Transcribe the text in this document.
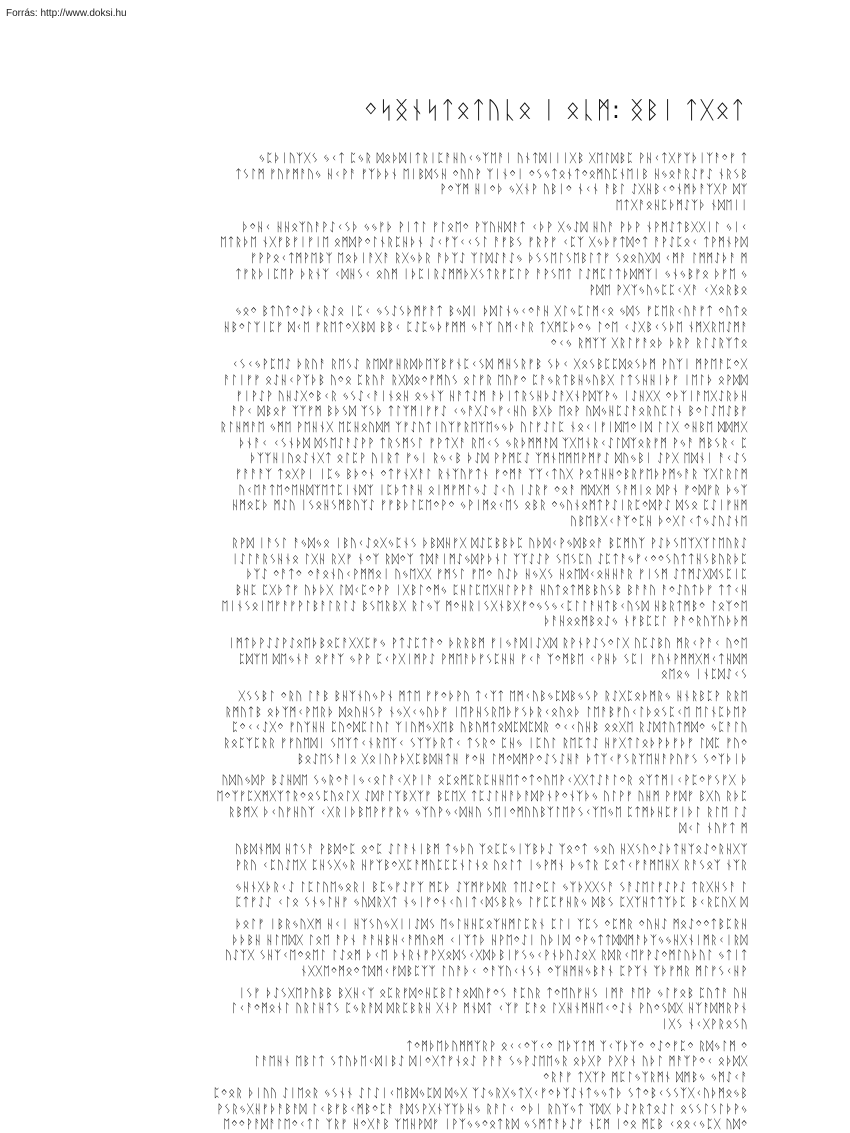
Forrás: http://www.doksi.hu
ᛜᛋᛝᚾᛋᛏᛟᛏᚢᚳᛟ ᛁ ᛟᚳᛗ: ᛝᛒᛁ ᛏᚷᛟᛏ
ᛃᛈᚦᛁᚢᛉᚷᛊ ᛃᚲᛏ ᛈᛃᚱ ᛞᛟᚦᛞᛁᛏᚱᛁᛈᚨᚺᚢᚲᛃᛉᛖᚨᛁ ᚢᚾᛏᛞᛁᛁᛁᚷᛒ ᚷᛖᛚᛞᛒᛈ ᚹᚺᚲᛏᚷᚠᛉᚦᛁᛉᚨᛜᚠ ᛏ
ᛏᛊᛚᛗ ᚠᚢᚠᛗᚨᚢᛃ ᚺᚲᚹᚨ ᚠᛉᚦᚦᚾ ᛖᛁᛒᛞᛊᚺ ᛜᚢᚢᚹ ᛉᛁᚾᛜᛁ ᛜᛊᛃᛏᛟᚾᛏᛜᛟᛗᚢᛈᚾᛖᛁᛒ ᚺᛃᛟᚨᚱᛇᚠᛇ ᚾᚱᛊᛒ
ᚹᛜᛉᛗ ᚺᛁᛜᚦ ᛃᚷᚾᚹ ᚢᛒᛁᛜ ᚾᚲᚾ ᚨᛒᛚ ᛇᚷᚺᛒᚲᛜᚾᛗᚦᚨᛉᚷᚹ ᛞᛉ
ᛖᛏᚷᚨᛟᚺᛈᚦᛗᛇᛉᚦ ᚾᛞᛖᛁᛁ
ᚦᛜᚺᚲ ᚺᚺᛟᛉᚢᚨᚹᛇᚲᛊᚦ ᛃᛃᚠᚦ ᚹᛁᛏᛚ ᚠᛚᛟᛖᛜ ᚹᛉᚢᚺᛞᚨᛏ ᚲᚦᚹ ᚷᛃᛇᛞ ᚺᚢᚨ ᚹᚦᚹ ᚾᚹᛗᛇᛏᛒᚷᚷᛁᛚ ᛃᛁᚲ
ᛖᛏᚱᚦᛖ ᚾᚷᚠᛒᚠᛁᚠᛁᛖ ᛟᛗᛞᚹᛜᛚᚾᚱᛈᚺᚦᚾ ᛇᚲᚠᛉᚲᚲᛊᛚ ᚨᚠᛒᛊ ᚠᚱᚹᚠ ᚲᛈᛉ ᚷᛃᚦᚠᛏᛞᛜᛏ ᚨᚹᛇᛈᛟᚲ ᛏᚹᛗᚾᚹᛞ
ᚠᚹᚹᛟᚲᛏᛗᚹᛖᛒᛉ ᛖᛟᚦᛁᚨᚷᚨ ᚱᚷᛃᚦᚱ ᚨᚦᛉᛇ ᛉᛚᛞᛇᚨᛇᛃ ᚦᛊᛊᛖᛚᛊᛖᛒᛚᛏᚠ ᛊᛟᛟᚢᚷᛞ ᚲᛗᚨ ᛚᛗᛗᛇᚦᚨ ᛗ
ᛏᚠᚱᚦᛁᛈᛖᚹ ᚦᚱᚾᛉ ᚲᛞᚺᛊᚲ ᛟᚢᛗ ᛁᚦᛈᛁᚱᛇᛗᛗᚦᚷᛊᛏᚱᚠᛈᛚᚹ ᚨᚹᛊᛖᛏ ᛚᛇᛗᛈᛚᛏᚦᛞᛗᛉᛁ ᛃᚾᛃᛒᚠᛟ ᚦᚠᛖ ᛃ
ᚹᛞᛖ ᚹᚷᛉᛃᚢᛃᛈᛈᚲᚷᚨ ᚲᚷᛟᚱᛒᛟ
ᛃᛟᛜ ᛒᛏᚢᛏᛜᛇᚦᚲᚱᛇᛟ ᛁᛈᚲ ᛃᛊᛇᛊᚦᛗᚠᚨᛏ ᛒᛃᛞᛁ ᚦᛞᛚᚾᛃᚲᛜᚨᚺ ᚷᛚᛃᛈᛚᛗᚲᛟ ᛃᛞᛊ ᚠᛈᛖᚱᚲᚢᚨᚠᛏ ᛜᚢᛏᛟ
ᚺᛒᛜᛚᛉᛁᛈᚠ ᛞᚲᛖ ᚠᚱᛖᛏᛜᚷᛒᛞ ᛒᛒᚲ ᛈᛇᛈᛃᚦᚠᛗᛗ ᛃᚨᛉ ᚢᛗᚲᚨᚱ ᛏᚷᛗᛈᚦᛜᛃ ᛚᛜᛖ ᚲᛇᚷᛒᚲᛊᚦᛖ ᚾᛗᚷᚱᛖᛇᛗᚨ
ᛜᚲᛃ ᚱᛗᛉᛉ ᚷᚱᛚᚠᚨᛟᚦ ᚦᚱᚹ ᚱᛚᛇᚱᛉᛏᛟ
ᚲᛊᚲᛃᚹᛈᛖᛇ ᚦᚱᚢᚨ ᚱᛖᛊᛇ ᚱᛖᛞᚠᚺᚱᛞᚦᛖᛉᛒᚠᚾᛈᚲᛊᛞ ᛗᚺᛊᚱᚠᛒ ᛊᚦᚲ ᚷᛟᛊᛒᛈᛈᛞᛟᛊᚦᛗ ᚹᚢᛉᛁ ᛗᚹᛖᚨᛈᛜᚷ
ᚨᛚᛁᚠᚠ ᛟᛇᚺᚲᚹᛉᚦᛒ ᚢᛜᛟ ᛈᚱᚢᚨ ᚱᚷᛞᛟᛜᚠᛗᚢᛊ ᛟᛚᚠᚱ ᛖᚢᚠᛜ ᛈᚨᛃᚱᛏᛒᚺᛃᚢᛒᚷ ᛚᛏᛊᚺᚺᛁᚦᚠ ᛁᛖᛚᚦ ᛟᚹᛞᛞ
ᚠᛁᚹᛇᚹ ᚢᚺᛇᚷᛜᛒᚲᚱ ᛃᛊᛇᚲᚨᛁᚾᛟᚺ ᛟᛃᚾᛉ ᚺᚨᛏᛇᛗ ᚨᚦᛁᛏᚱᛊᚺᚦᛇᚨᚷᚾᚹᛞᛉᚹᛃ ᛁᛇᚺᚷᚷ ᛜᚦᛉᛁᚨᛖᚷᛇᚱᚦᚺ
ᚨᚹᚲ ᛞᛒᛟᚠ ᛉᛉᚠᛗ ᛒᚦᛊᛞ ᛉᛊᚦ ᛏᛚᛉᛗᛁᚠᚠᛇ ᚲᛃᚨᚷᛇᛃᚠᚲᚺᚢ ᛒᚷᚦ ᛖᛟᚹ ᚢᛞᛃᚺᛈᛇᚨᛟᚱᚢᛈᛚᚾ ᛒᛜᛚᛇᛖᛇᛒᚠ
ᚱᛚᚺᛗᚨᛖ ᛃᛗᛖ ᚹᛖᚺᚾᚷ ᛖᛈᚺᛟᚢᛞᛗ ᛉᚠᛇᚢᛏᛁᚢᛉᚠᚱᛖᛉᛖᛃᛃᚦ ᚢᛚᚠᛇᛚᛈ ᚾᛟᚲᛁᚠᛁᛞᛖᛜᛁᛞ ᛚᛚᚷ ᛜᚺᛒᛖ ᛞᛞᛗᚷ
ᚦᚾᚨᚲ ᚲᛊᚾᚦᛞ ᛞᛊᛖᛇᚨᛇᚹᚹ ᛏᚱᛊᛗᛊᛚ ᚠᚹᛏᚷᚨ ᚱᛖᚲᛊ ᛃᚱᚦᛗᛗᚨᛞ ᛉᚷᛖᚾᚱᚲᛇᛚᛞᛉᛟᚱᚠᛗ ᚹᛃᚨ ᛗᛒᛊᚱᚲ ᛈ
ᚦᛉᛉᚺᛁᚢᛟᛇᚾᚷᛏ ᛟᛚᛈᚹ ᚢᛁᚱᛏ ᚠᛃᛁ ᚱᛃᚲᛒ ᚦᛇᛞ ᚹᚹᛗᛈᛇ ᛉᛗᚾᛖᛗᛖᚹᛗᚠᛇ ᛞᚢᛃᛒᛁ ᛇᚹᚷ ᛖᛞᚾᛁ ᚨᚲᛇᛊ
ᚠᚨᚨᚨᛉ ᛏᛟᚷᚹᛁ ᛁᛈᛃ ᛒᚦᛜᚾ ᛜᛏᚠᚾᚷᚨᛚ ᚱᚾᛉᚢᚠᛏᚾ ᚠᛜᛗᚨ ᛉᛉᚲᛏᚢᚷ ᚹᛟᛏᚺᚺᛜᛒᚱᚠᛖᚦᚹᛗᛃᚨᚱ ᛉᚷᛚᚱᛚᛗ
ᚢᚲᛖᚨᛏᛖᛜᛖᚺᛞᛉᛖᛏᛈᛁᚾᛞᛉ ᛁᛈᚦᛏᚨᚺ ᛟᛁᛗᚠᛗᛚᛃᛇ ᛇᚲᚢ ᛁᛇᚱᚠ ᛜᛟᚨ ᛗᛞᚷᛗ ᛊᚨᛗᛁᛟ ᛞᚹᚾ ᚠᛜᛞᚠᚱ ᚦᛃᛉ
ᚺᛗᛟᛈᚦ ᛗᛇᚢ ᛁᛊᛟᚺᛊᛗᛒᚢᛉᛇ ᚠᚠᛒᚦᛚᛈᛖᛜᚹᛜ ᛃᚹᛁᛗᛟᚲᛖᛊ ᛟᛒᚱ ᛜᛃᚢᚾᛟᛗᛏᚹᛇᛁᚱᛈᛜᛞᚹᛇ ᛞᛊᛟ ᛈᛇᛁᚠᚺᛗ
ᚢᛒᛖᛒᚷᚲᚨᛉᛜᛈᚺ ᚦᛜᚷᛚᚲᛏᛃᛇᚢᛇᚾᛖ
ᚱᚹᛞ ᛁᚨᛊᛚ ᚨᛃᛞᛃᛟ ᛁᛒᚢᚲᛇᛟᚷᛃᛈᚾᛊ ᚦᛒᛞᚺᚠᚷ ᛞᛇᛈᛒᛒᚦᛈ ᚢᚦᛞᚲᚹᛃᛞᛒᛟᚨ ᛒᛈᛗᚢᛉ ᚹᛇᚦᛊᛖᛉᚷᛉᛚᛖᚢᚱᛇ
ᛁᛇᛚᚨᚱᛊᚺᚾᛟ ᛚᚷᚺ ᚱᚷᚠ ᚾᛜᛉ ᚱᛞᛜᛉ ᛏᛞᚨᛁᛗᛇᛃᛞᚹᚦᚾᛚ ᛉᛉᛇᛇᚹ ᛊᛖᛊᛈᚢ ᛇᛈᛏᚨᛃᚠᚲᛜᛜᛊᚢᛏᛏᚺᛊᛒᚢᚱᚦᛈ
ᚦᛉᛇ ᛜᚨᛏᛜ ᛜᚨᛟᚾᚢᚲᚹᛗᛗᛟᛁ ᚢᛃᛖᚷᚷ ᚠᛗᛊᛚ ᚠᛖᛜ ᚢᛇᚦ ᚺᛃᚷᛊ ᚺᛟᛖᛞᚲᛟᚺᚺᚨᚱ ᚠᛁᛊᛗ ᛇᛏᛗᛇᚷᛞᛊᛈᛁᛈ
ᛒᚺᛈ ᛈᚷᚦᛏᚠ ᚢᚦᚦᚷ ᛚᛞᚲᛈᛜᚹᚹ ᛁᚷᛒᛚᛜᛗᛃ ᛈᚺᛚᛈᛖᚷᚺᛚᚹᚹᚨ ᚺᚢᛏᛟᛏᛗᛒᛒᚢᛊᛒ ᛒᚨᚨᚢ ᚨᛜᛇᚢᛏᚦᚠ ᛏᛏᚲᚺ
ᛖᛁᚾᛊᛟᛁᛖᚠᚨᚠᚹᛚᛒᚨᛚᚱᛚᛇ ᛒᛊᛖᚱᛒᚷ ᚱᛚᛃᛉ ᛗᛜᚺᚱᛁᛊᚷᚾᛒᚷᚠᛜᛃᛊᛃᚲᛈᛚᛚᚨᚺᛏᛒᚲᚢᛊᛞ ᚺᛒᚱᛏᛗᛒᛜ ᛚᛟᛉᛜᛖ
ᚦᚨᚺᛟᛟᛗᛒᛟᛇᛃ ᚾᚠᛒᛈᛈᛚ ᚹᚨᛜᚱᚢᛉᚢᚦᚦᛗ
ᛁᛗᛏᚦᚹᛇᛇᚹᛇᛟᛖᚦᛒᛟᛈᚨᚷᚷᛈᚠᛃ ᚹᛏᛇᛈᛏᚨᛜ ᚦᚱᚱᛒᛗ ᚠᛁᛃᚨᛞᛁᛇᚷᛞ ᚱᚹᚾᚹᛇᛊᛜᛚᚷ ᚢᛈᛇᛒᚢ ᛗᚱᚲᚹᚨᚲ ᚢᛜᛖ
ᛈᛞᛉᛖ ᛞᛖᛃᚾᚨ ᛟᚠᚨᛉ ᛃᚹᚹ ᛈᚲᚹᚷᛁᛗᚹᛇ ᚹᛗᛖᚨᚦᚠᛊᛈᚺᚺ ᚠᚲᚨ ᛉᛜᛗᛒᛖ ᚲᚹᚺᚦ ᛊᛈᛁ ᚠᚢᚾᚹᛗᛗᚷᛗᚲᛏᚺᛞᛗ
ᛟᛖᛟᛃ ᛁᚾᛈᛞᛇᚲᛊ
ᚷᛊᛊᛒᛚ ᛜᚱᚢ ᛚᚨᛒ ᛒᚺᛉᚾᚢᛃᚹᚾ ᛗᛏᛖ ᚠᚠᛜᚦᚹᚢ ᛏᚲᛉᛏ ᛖᛗᚲᚢᛒᛃᛈᛞᛒᛃᛊᚹ ᚱᛇᚷᛈᛟᚦᛗᚱᛃ ᚺᚾᚱᛒᛈᚹ ᚱᚱᛖ
ᚱᛗᚢᛏᛒ ᛟᚦᛉᛗᚲᚹᛖᚱᚦ ᛞᛟᚢᚺᛊᚹ ᚾᛃᚷᚲᛃᚢᚦᚠ ᛁᛖᚹᚺᛊᚱᛖᚦᚠᛊᚦᚱᚲᛟᚢᛟᚦ ᛚᛖᚨᛒᚠᚢᚲᛚᚦᛟᛊᛈᚲᛖ ᛖᛚᚾᛈᚦᛖᚹ
ᛈᛜᚲᚲᛇᚷᛜ ᚠᚢᛉᚺᚺ ᛈᚢᛜᛞᛈᛚᚢᛚ ᛉᛁᚢᛗᛃᚷᛖᛒ ᚢᛒᚢᛗᛏᛟᛞᛈᛞᛈᛞᚱ ᛜᚲᚲᚢᚺᛒ ᛟᛟᚷᛖ ᚱᛇᛞᛏᚢᛏᛗᛞᛜ ᛃᛈᚨᛚᚢ
ᚱᛟᛈᛉᛈᚱᚱ ᚠᚠᚢᛖᛞᛁ ᛊᛖᛉᛏᚲᚾᚱᛖᛉᚲ ᛊᛉᛉᚦᚱᛏᚲ ᛏᛊᚱᛜ ᛈᚺᛃ ᛁᛈᚢᛚ ᚱᛖᛈᛏᛇ ᚺᚠᚷᛏᛚᛟᚦᚹᚦᚠᚦᚠ ᛚᛞᛈ ᚠᚢᛜ
ᛒᛟᛇᛖᛊᚨᛁᛟ ᚷᛟᛁᚢᚹᚦᚷᛈᛒᛞᚺᛏᚺ ᚠᛜᚺ ᛚᛗᛜᛞᛗᚹᛜᛇᛊᛇᚺᚨ ᚦᛏᛉᚲᚠᛊᚱᛉᛖᚺᚨᚹᚢᚠᛊ ᛊᛜᛉᚦᛁᚦ
ᚢᛞᚢᛃᛞᚹ ᛒᛇᚺᛞᛖ ᛊᛃᚱᛜᚨᛁᛃᚲᛟᛚᚨᚲᚷᚹᛁᚨ ᛟᛈᛟᛗᛈᚱᛈᚺᚺᛖᛏᛜᛏᛜᚢᛖᚹᚲᚷᚷᛏᛇᚨᛚᛜᚱ ᛟᛉᛏᛗᛁᚲᚹᛈᛜᚠᛊᚠᚷ ᚦ
ᛖᛜᛉᚠᛈᚷᛗᚷᛉᛏᚱᛜᛟᛊᛈᚢᛟᛚᚷ ᛇᛞᚨᛚᛉᛒᚷᛉᚠ ᛒᛈᛖᚷ ᛏᛈᛇᛚᚺᚨᚦᚨᛞᚹᚾᚹᛜᚾᛉᚦᛃ ᚢᛚᚹᚠ ᚢᚺᛗ ᚹᚠᛞᚠ ᛒᚷᚢ ᚱᚦᛈ
ᚱᛒᛗᚷ ᚦᚲᚢᚠᚺᚢᛉ ᚲᚷᚱᛁᚦᛒᛖᚹᚠᚠᚱᛃ ᛃᛉᚢᚹᛃᚲᛞᚺᚢ ᛊᛖᛁᛜᛗᚢᚢᛒᛉᛚᛖᚹᛊᚲᛉᛖᛃᛖ ᛈᛏᛗᚦᚺᛈᚠᛁᚦᛚ ᚱᛚᛖ ᛚᛇ
ᛞᚲᛚ ᚾᚢᚠᛏ ᛗ
ᚢᛒᛞᚾᛗᛞ ᚺᛏᛊᚨ ᚹᛒᛞᛜᛈ ᛟᛜᛈ ᛇᛚᚨᚾᛁᛒᛗ ᛏᛃᚦᚢ ᛉᛟᛈᛈᛃᛁᛉᛒᚦᛇ ᛉᛟᛜᛏ ᛃᛟᚢ ᚺᚷᛊᚢᛜᛇᚦᛏᚺᛉᛟᛇᛜᚱᚺᚷᛉ
ᚹᚱᚢ ᚲᛈᚢᛇᛖᚷ ᛈᚺᛊᚷᛃᚱ ᚺᚠᛉᛒᛜᚷᛈᚨᛗᚢᛈᛈᛈᚾᛚᚾᛟ ᚢᛟᛚᛏ ᛁᛃᚹᛗᚾ ᚦᛃᛏᚱ ᛈᛟᛏᚲᚠᚨᛗᛖᚺᚷ ᚱᚨᛊᛟᛉ ᚾᛉᚱ
ᛃᚺᚾᚷᚦᚱᚲᛇ ᛚᛈᛚᚢᛖᛃᛟᚱᛁ ᛒᛈᛃᚠᛇᚠᛉ ᛗᛈᚦ ᛇᛉᛗᚠᚦᛞᚱ ᛏᛖᛇᛜᛈᛚ ᛃᛉᚦᚷᚷᛊᚨ ᛊᚨᛇᛖᛚᚠᛇᚹᛇ ᛏᚱᚷᚺᛊᚨ ᛚ
ᛈᛏᚠᛇᛇ ᚲᛚᛟ ᛊᚾᛃᛚᚺᚠ ᛃᚢᛞᚱᚷᛏ ᚾᛃᛁᚠᛜᚾᚲᚢᛁᛏᚲᛞᛊᛒᚱᛃ ᛚᚠᛈᛈᚠᚺᚱᛃ ᛞᛒᛊ ᛈᚷᛉᚺᛏᛏᛉᚦᛈ ᛒᚲᚱᛈᚢᚷ ᛞ
ᚦᛟᛚᚠ ᛁᛒᚱᛃᚢᚷᛗ ᚺᚲᛁ ᚺᛉᛊᚢᛃᚷᛁᛁᛇᛞᛊ ᛖᛃᛚᚺᚺᛈᛟᛉᚺᛗᛚᛈᚱᚾ ᛈᛚᛁ ᛉᛈᛊ ᛜᛈᛗᚱ ᛜᚢᚺᛇ ᛗᛟᛇᛜᛜᛏᛒᛈᚱᚺ
ᚦᚦᛒᚺ ᚺᛚᛖᛞᚷ ᛚᛟᛖ ᚨᚹᚾ ᚨᚨᚺᛒᚺᚲᚨᛗᚢᛟᛗ ᚲᛁᛉᛏᚦ ᚺᚹᛖᛜᛇᛁ ᚢᚦᛁᛞ ᛜᚹᛃᛏᛏᛞᛞᛗᚨᚦᛉᛃᛃᚺᚷᚾᛁᛗᚱᚲᛁᚱᛞ
ᚢᛇᛉᚷ ᛊᚺᛉᚲᛖᛜᛟᛖᛚ ᛚᛇᛟᛗ ᚦᚲᛖ ᚦᚾᚱᚾᚠᚹᚷᛟᛞᛊᚲᚷᛞᚦᛒᛁᚠᛊᛃᚲᚹᚾᚦᚢᛇᛟᚷ ᚱᛞᚱᚲᛖᚠᚹᛇᛜᛗᛚᚢᚦᚢᛚ ᛃᛏᛁᛏ
ᚾᚷᚷᛖᛜᛗᛟᛜᛏᛞᛗᚲᚠᛞᛒᛈᛉᛉ ᛚᚢᚨᚦᚲ ᛜᚨᛉᚢᚲᚾᛊᚾ ᛜᛉᚺᛗᚺᛃᛒᚨᚾ ᛈᚹᛉᚾ ᛉᚦᚠᛗᚱ ᛗᛚᚠᛊᚲᚺᚹ
ᛁᛊᚠ ᚦᛇᛊᚷᛖᚹᚢᛒᛒ ᛒᚷᚺᚲᛉ ᛟᛈᚱᚠᛞᛜᚺᛈᛒᛚᚨᛟᛞᚢᚠᛜᛊ ᚨᛈᚢᚱ ᛏᛜᛖᚢᚠᚺᛊ ᛁᛗᚨ ᚨᛖᚹ ᛃᛚᚠᛟᛒ ᛈᚢᛏᚨ ᚢᚺ
ᛚᚲᚨᛜᛗᛟᚾᛚ ᚢᚱᛚᚺᛏᛊ ᛈᛃᚱᚨᛞ ᛞᚱᛈᛒᚱᚺ ᚷᚾᚹ ᛗᚾᛞᛏ ᚲᛉᚠ ᛈᚨᛟ ᛚᚷᚺᚾᛗᚺᛖᚲᛜᛇᚾ ᚹᚢᛜᛊᛞᚷ ᚺᛉᚨᛞᛗᚱᚹᚾ
ᛁᚷᛊ ᚾᚲᚷᚹᚱᛟᛊᚢ
ᛏᛜᛗᚦᛖᚦᚢᛗᛗᛉᚱᚹ ᛟᚲᚲᛜᛉᚲᛜ ᛖᚦᛉᛏᛗ ᛉᚲᛉᚦᛉᛜ ᛜᛇᛜᚠᛈᛜ ᚱᛞᛃᛚᛗ ᛜ
ᛚᚨᛖᚺᚾ ᛖᛒᛚᛏ ᛊᛏᚢᚦᛖᚲᛞᛁᛒᛇ ᛞᛁᛜᚷᛏᚠᚾᛟᛇ ᚹᚨᚨ ᛊᛃᚹᛇᛖᛖᛃᚱ ᛟᚦᚷᚹ ᚹᚷᚹᚾ ᚢᚦᛚ ᛗᚨᛉᚹᛜᚲ ᛟᚦᛞᚷ
ᛜᚱᚨᚠ ᛏᚷᛉᚹ ᛗᛈᛚᛃᛉᚱᛗᚾ ᛞᛗᛒᛃ ᛃᛗᛇᚲᚨ
ᛈᛜᛟᚱ ᚦᛁᚢᚢ ᛇᛁᛖᛟᚱ ᛃᛊᚾᚾ ᛇᛚᛇᛁᚲᛖᛒᛞᛃᛈᛞ ᛞᛃᚷ ᛉᛇᛃᚱᚷᛃᛏᚷᚲᚠᛜᚦᛉᛇᚾᛏᛃᛃᛏᚦ ᛊᛏᛜᛒᚲᛊᛊᛉᚷᚲᚢᚦᛗᛟᛃᛒ
ᚹᛊᚱᛃᚷᚺᚠᚦᚨᛒᚨᛞ ᛚᚲᛒᚠᛒᚲᛗᛒᛜᛈᚨ ᚨᛞᛊᚹᚷᚾᛉᛉᚦᚺᛃ ᚱᚨᛚᚲ ᛜᚦᛁ ᚱᚢᛉᛃᛏ ᛉᛞᚷ ᚦᛇᚹᚱᛏᛟᛇᛚ ᛟᛊᛊᛚᛊᛚᚦᚹᛃ
ᛖᛜᛜᚹᚨᛞᚨᛚᛖᛜᚲᛏᛚ ᛉᚱᚠ ᚺᛜᚷᚨᛒ ᛉᛖᚺᚹᛞᚠ ᛁᚹᛉᛃᛃᛜᛟᛏᚱᛞ ᛃᛊᛗᛏᚨᚦᛇᚠ ᚾᛈᛗ ᛁᛜᛟ ᛗᛈᛒ ᚲᛟᛟᚲᛃᛈᚷ ᚢᛞᛜ
